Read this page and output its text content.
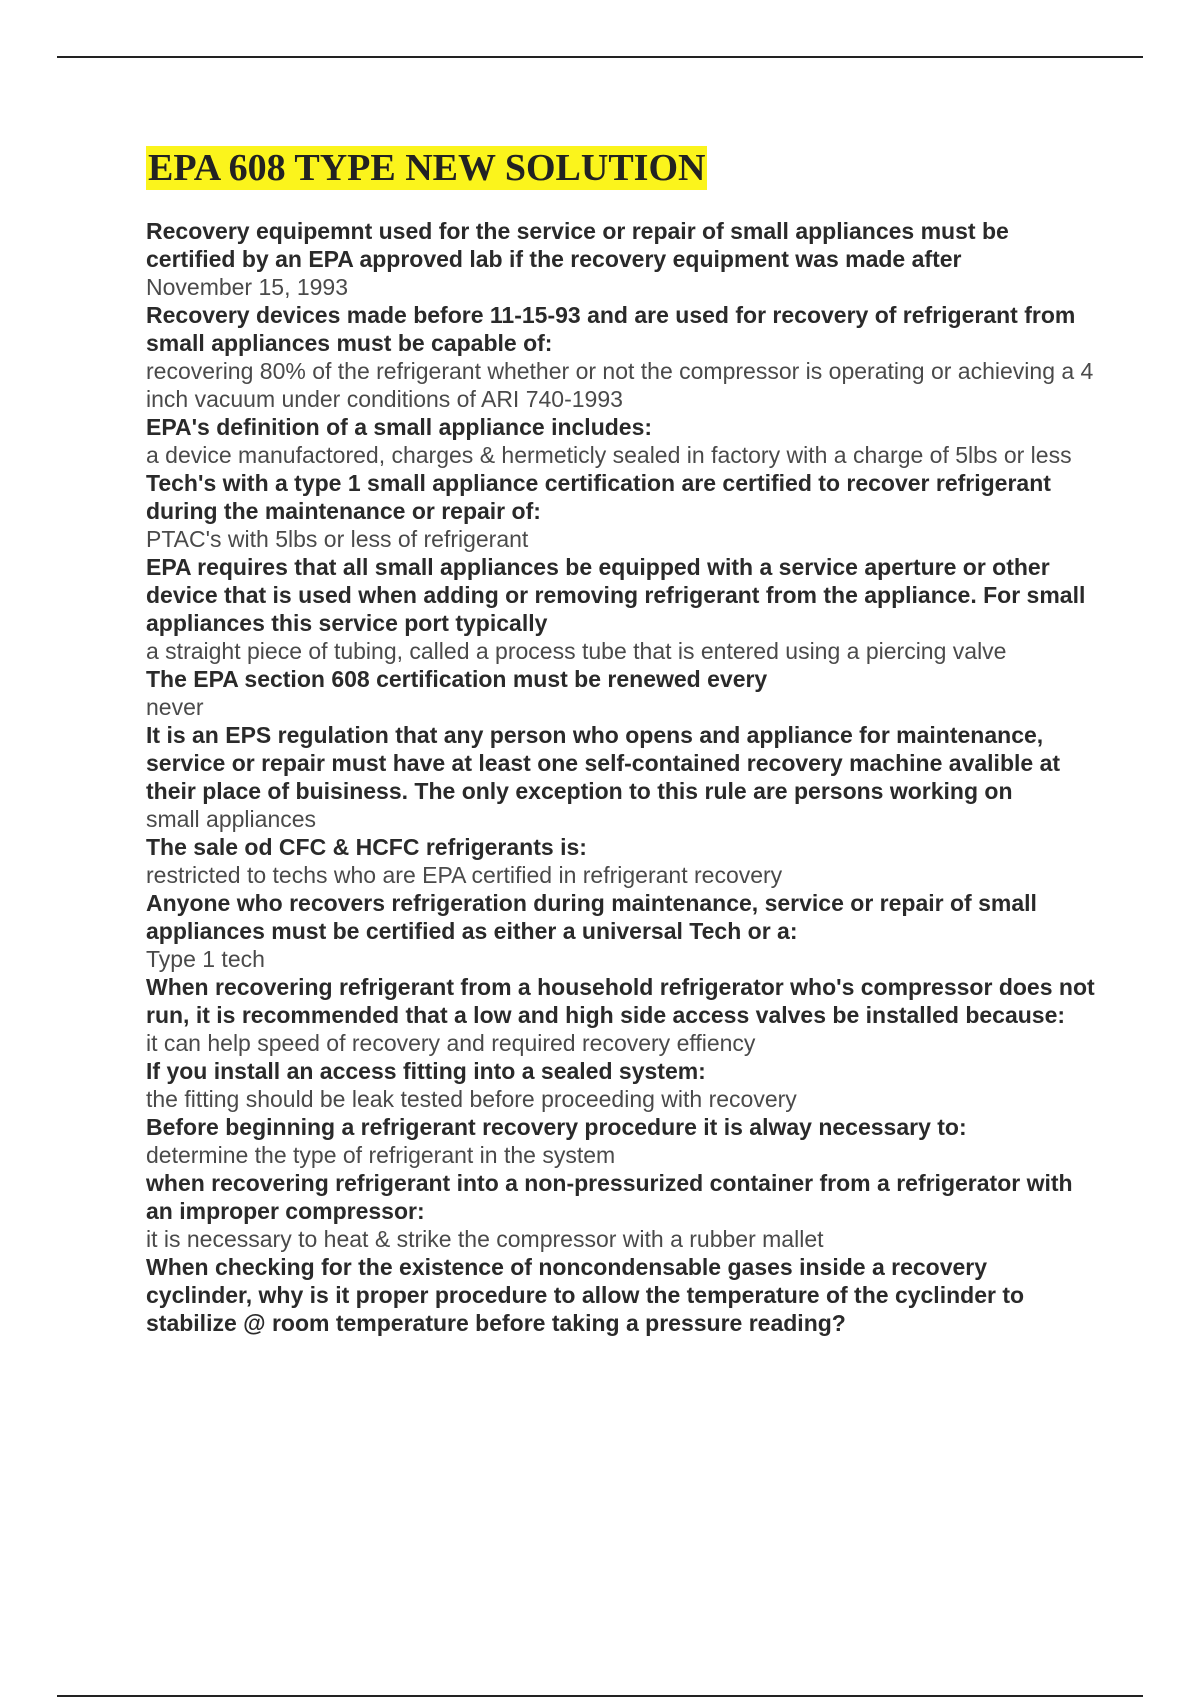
EPA 608 TYPE NEW SOLUTION
Recovery equipemnt used for the service or repair of small appliances must be certified by an EPA approved lab if the recovery equipment was made after
November 15, 1993
Recovery devices made before 11-15-93 and are used for recovery of refrigerant from small appliances must be capable of:
recovering 80% of the refrigerant whether or not the compressor is operating or achieving a 4 inch vacuum under conditions of ARI 740-1993
EPA's definition of a small appliance includes:
a device manufactored, charges & hermeticly sealed in factory with a charge of 5lbs or less
Tech's with a type 1 small appliance certification are certified to recover refrigerant during the maintenance or repair of:
PTAC's with 5lbs or less of refrigerant
EPA requires that all small appliances be equipped with a service aperture or other device that is used when adding or removing refrigerant from the appliance. For small appliances this service port typically
a straight piece of tubing, called a process tube that is entered using a piercing valve
The EPA section 608 certification must be renewed every
never
It is an EPS regulation that any person who opens and appliance for maintenance, service or repair must have at least one self-contained recovery machine avalible at their place of buisiness. The only exception to this rule are persons working on
small appliances
The sale od CFC & HCFC refrigerants is:
restricted to techs who are EPA certified in refrigerant recovery
Anyone who recovers refrigeration during maintenance, service or repair of small appliances must be certified as either a universal Tech or a:
Type 1 tech
When recovering refrigerant from a household refrigerator who's compressor does not run, it is recommended that a low and high side access valves be installed because:
it can help speed of recovery and required recovery effiency
If you install an access fitting into a sealed system:
the fitting should be leak tested before proceeding with recovery
Before beginning a refrigerant recovery procedure it is alway necessary to:
determine the type of refrigerant in the system
when recovering refrigerant into a non-pressurized container from a refrigerator with an improper compressor:
it is necessary to heat & strike the compressor with a rubber mallet
When checking for the existence of noncondensable gases inside a recovery cyclinder, why is it proper procedure to allow the temperature of the cyclinder to stabilize @ room temperature before taking a pressure reading?
